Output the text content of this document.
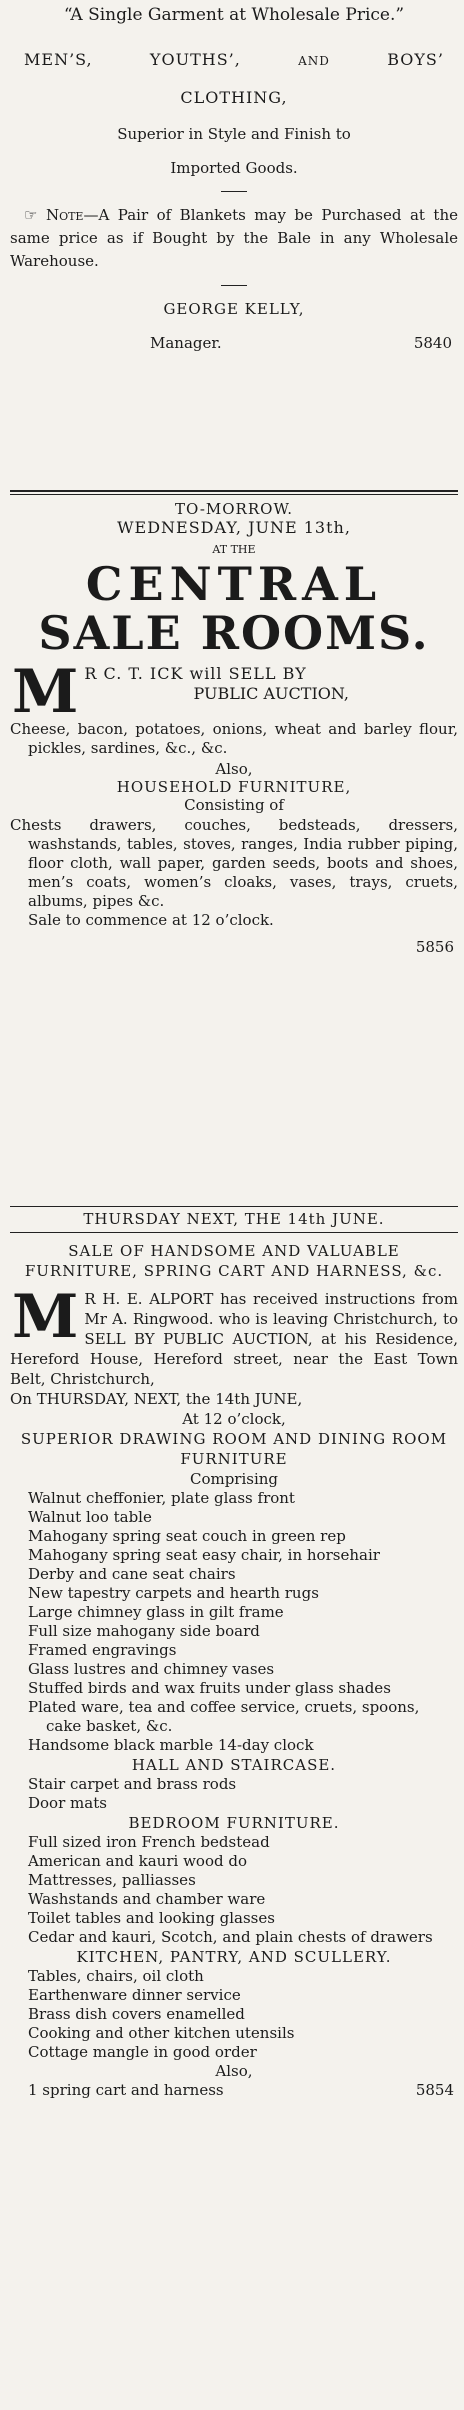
“A Single Garment at Wholesale Price.”

MEN’S,	YOUTHS’,	AND	BOYS’

CLOTHING,

Superior in Style and Finish to

Imported Goods.

☞ Note—A Pair of Blankets may be Purchased at the same price as if Bought by the Bale in any Wholesale Warehouse.

GEORGE KELLY,

Manager.	5840

TO-MORROW.

WEDNESDAY, JUNE 13th,

AT THE

CENTRAL

SALE ROOMS.

M R C. T. ICK will SELL BY

PUBLIC AUCTION,

Cheese, bacon, potatoes, onions, wheat and barley flour, pickles, sardines, &c., &c.

Also,

HOUSEHOLD FURNITURE,

Consisting of

Chests drawers, couches, bedsteads, dressers, washstands, tables, stoves, ranges, India rubber piping, floor cloth, wall paper, garden seeds, boots and shoes, men’s coats, women’s cloaks, vases, trays, cruets, albums, pipes &c.

Sale to commence at 12 o’clock.

5856

THURSDAY NEXT, THE 14th JUNE.

SALE OF HANDSOME AND VALUABLE FURNITURE, SPRING CART AND HARNESS, &c.

M R H. E. ALPORT has received instructions from Mr A. Ringwood. who is leaving Christchurch, to SELL BY PUBLIC AUCTION, at his Residence, Hereford House, Hereford street, near the East Town Belt, Christchurch,

On THURSDAY, NEXT, the 14th JUNE,

At 12 o’clock,

SUPERIOR DRAWING ROOM AND DINING ROOM FURNITURE

Comprising

Walnut cheffonier, plate glass front

Walnut loo table

Mahogany spring seat couch in green rep

Mahogany spring seat easy chair, in horsehair

Derby and cane seat chairs

New tapestry carpets and hearth rugs

Large chimney glass in gilt frame

Full size mahogany side board

Framed engravings

Glass lustres and chimney vases

Stuffed birds and wax fruits under glass shades

Plated ware, tea and coffee service, cruets, spoons, cake basket, &c.

Handsome black marble 14-day clock

HALL AND STAIRCASE.

Stair carpet and brass rods

Door mats

BEDROOM FURNITURE.

Full sized iron French bedstead

American and kauri wood do

Mattresses, palliasses

Washstands and chamber ware

Toilet tables and looking glasses

Cedar and kauri, Scotch, and plain chests of drawers

KITCHEN, PANTRY, AND SCULLERY.

Tables, chairs, oil cloth

Earthenware dinner service

Brass dish covers enamelled

Cooking and other kitchen utensils

Cottage mangle in good order

Also,

1 spring cart and harness	5854
